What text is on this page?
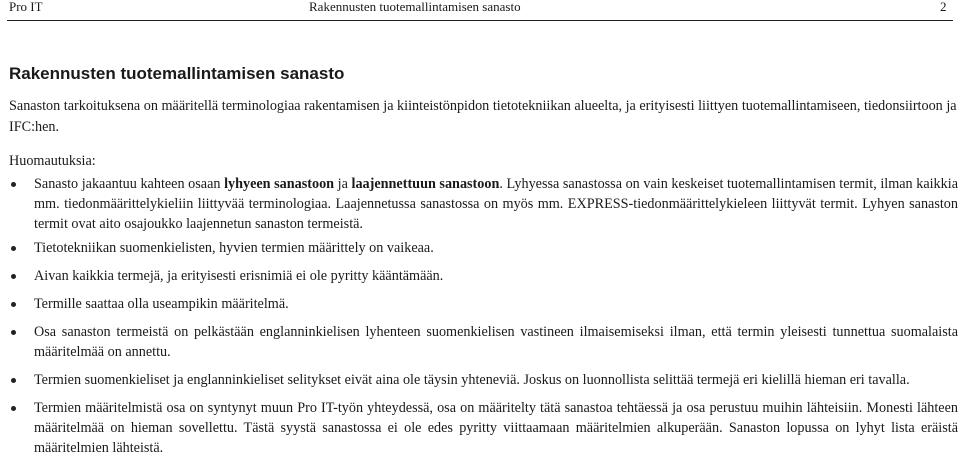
Pro IT	Rakennusten tuotemallintamisen sanasto	2
Rakennusten tuotemallintamisen sanasto

Sanaston tarkoituksena on määritellä terminologiaa rakentamisen ja kiinteistönpidon tietotekniikan alueelta, ja erityisesti liittyen tuotemallintamiseen, tiedonsiirtoon ja IFC:hen.

Huomautuksia:

Sanasto jakaantuu kahteen osaan lyhyeen sanastoon ja laajennettuun sanastoon. Lyhyessa sanastossa on vain keskeiset tuotemallintamisen termit, ilman kaikkia mm. tiedonmäärittelykieliin liittyvää terminologiaa. Laajennetussa sanastossa on myös mm. EXPRESS-tiedonmäärittelykieleen liittyvät termit. Lyhyen sanaston termit ovat aito osajoukko laajennetun sanaston termeistä.
Tietotekniikan suomenkielisten, hyvien termien määrittely on vaikeaa.
Aivan kaikkia termejä, ja erityisesti erisnimiä ei ole pyritty kääntämään.
Termille saattaa olla useampikin määritelmä.
Osa sanaston termeistä on pelkästään englanninkielisen lyhenteen suomenkielisen vastineen ilmaisemiseksi ilman, että termin yleisesti tunnettua suomalaista määritelmää on annettu.
Termien suomenkieliset ja englanninkieliset selitykset eivät aina ole täysin yhteneviä. Joskus on luonnollista selittää termejä eri kielillä hieman eri tavalla.
Termien määritelmistä osa on syntynyt muun Pro IT-työn yhteydessä, osa on määritelty tätä sanastoa tehtäessä ja osa perustuu muihin lähteisiin. Monesti lähteen määritelmää on hieman sovellettu. Tästä syystä sanastossa ei ole edes pyritty viittaamaan määritelmien alkuperään. Sanaston lopussa on lyhyt lista eräistä määritelmien lähteistä.
